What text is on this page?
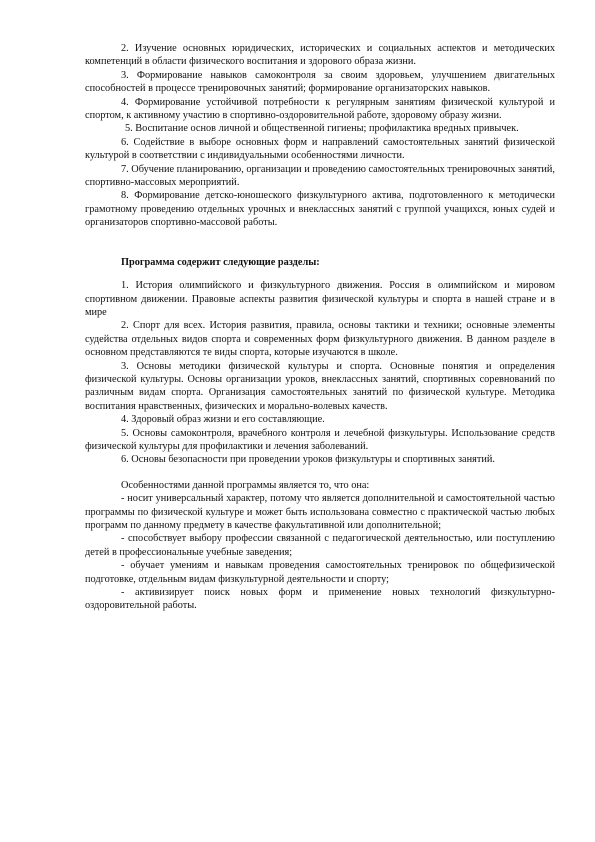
2. Изучение основных юридических, исторических и социальных аспектов и методических компетенций в области физического воспитания и здорового образа жизни.

3. Формирование навыков самоконтроля за своим здоровьем, улучшением двигательных способностей в процессе тренировочных занятий; формирование организаторских навыков.

4. Формирование устойчивой потребности к регулярным занятиям физической культурой и спортом, к активному участию в спортивно-оздоровительной работе, здоровому образу жизни.

5. Воспитание основ личной и общественной гигиены; профилактика вредных привычек.

6. Содействие в выборе основных форм и направлений самостоятельных занятий физической культурой в соответствии с индивидуальными особенностями личности.

7. Обучение планированию, организации и проведению самостоятельных тренировочных занятий, спортивно-массовых мероприятий.

8. Формирование детско-юношеского физкультурного актива, подготовленного к методически грамотному проведению отдельных урочных и внеклассных занятий с группой учащихся, юных судей и организаторов спортивно-массовой работы.

Программа содержит следующие разделы:

1. История олимпийского и физкультурного движения. Россия в олимпийском и мировом спортивном движении. Правовые аспекты развития физической культуры и спорта в нашей стране и в мире

2. Спорт для всех. История развития, правила, основы тактики и техники; основные элементы судейства отдельных видов спорта и современных форм физкультурного движения. В данном разделе в основном представляются те виды спорта, которые изучаются в школе.

3. Основы методики физической культуры и спорта. Основные понятия и определения физической культуры. Основы организации уроков, внеклассных занятий, спортивных соревнований по различным видам спорта. Организация самостоятельных занятий по физической культуре. Методика воспитания нравственных, физических и морально-волевых качеств.

4. Здоровый образ жизни и его составляющие.

5. Основы самоконтроля, врачебного контроля и лечебной физкультуры. Использование средств физической культуры для профилактики и лечения заболеваний.

6. Основы безопасности при проведении уроков физкультуры и спортивных занятий.

Особенностями данной программы является то, что она:

- носит универсальный характер, потому что является дополнительной и самостоятельной частью программы по физической культуре и может быть использована совместно с практической частью любых программ по данному предмету в качестве факультативной или дополнительной;

- способствует выбору профессии связанной с педагогической деятельностью, или поступлению детей в профессиональные учебные заведения;

- обучает умениям и навыкам проведения самостоятельных тренировок по общефизической подготовке, отдельным видам физкультурной деятельности и спорту;

- активизирует поиск новых форм и применение новых технологий физкультурно-оздоровительной работы.
